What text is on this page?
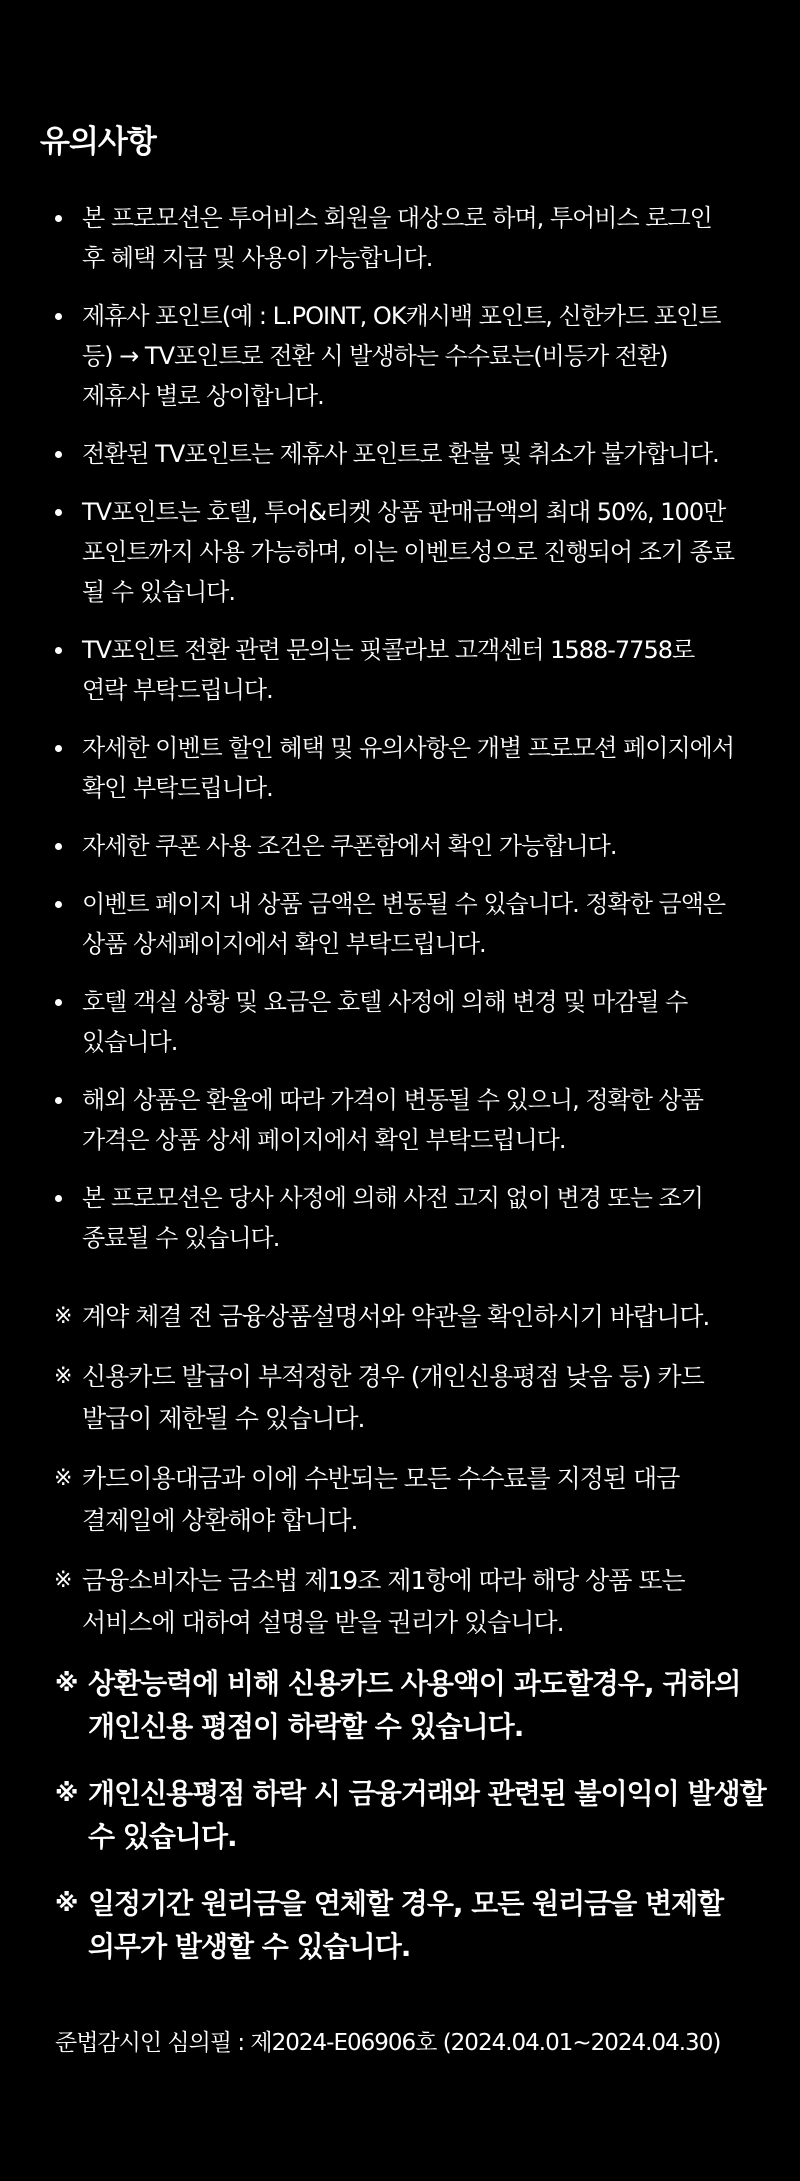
유의사항
본 프로모션은 투어비스 회원을 대상으로 하며, 투어비스 로그인
후 혜택 지급 및 사용이 가능합니다.
제휴사 포인트(예 : L.POINT, OK캐시백 포인트, 신한카드 포인트
등) → TV포인트로 전환 시 발생하는 수수료는(비등가 전환)
제휴사 별로 상이합니다.
전환된 TV포인트는 제휴사 포인트로 환불 및 취소가 불가합니다.
TV포인트는 호텔, 투어&티켓 상품 판매금액의 최대 50%, 100만
포인트까지 사용 가능하며, 이는 이벤트성으로 진행되어 조기 종료
될 수 있습니다.
TV포인트 전환 관련 문의는 핏콜라보 고객센터 1588-7758로
연락 부탁드립니다.
자세한 이벤트 할인 혜택 및 유의사항은 개별 프로모션 페이지에서
확인 부탁드립니다.
자세한 쿠폰 사용 조건은 쿠폰함에서 확인 가능합니다.
이벤트 페이지 내 상품 금액은 변동될 수 있습니다. 정확한 금액은
상품 상세페이지에서 확인 부탁드립니다.
호텔 객실 상황 및 요금은 호텔 사정에 의해 변경 및 마감될 수
있습니다.
해외 상품은 환율에 따라 가격이 변동될 수 있으니, 정확한 상품
가격은 상품 상세 페이지에서 확인 부탁드립니다.
본 프로모션은 당사 사정에 의해 사전 고지 없이 변경 또는 조기
종료될 수 있습니다.
※ 계약 체결 전 금융상품설명서와 약관을 확인하시기 바랍니다.
※ 신용카드 발급이 부적정한 경우 (개인신용평점 낮음 등) 카드
발급이 제한될 수 있습니다.
※ 카드이용대금과 이에 수반되는 모든 수수료를 지정된 대금
결제일에 상환해야 합니다.
※ 금융소비자는 금소법 제19조 제1항에 따라 해당 상품 또는
서비스에 대하여 설명을 받을 권리가 있습니다.
※ 상환능력에 비해 신용카드 사용액이 과도할경우, 귀하의
개인신용 평점이 하락할 수 있습니다.
※ 개인신용평점 하락 시 금융거래와 관련된 불이익이 발생할
수 있습니다.
※ 일정기간 원리금을 연체할 경우, 모든 원리금을 변제할
의무가 발생할 수 있습니다.

준법감시인 심의필 : 제2024-E06906호 (2024.04.01~2024.04.30)
